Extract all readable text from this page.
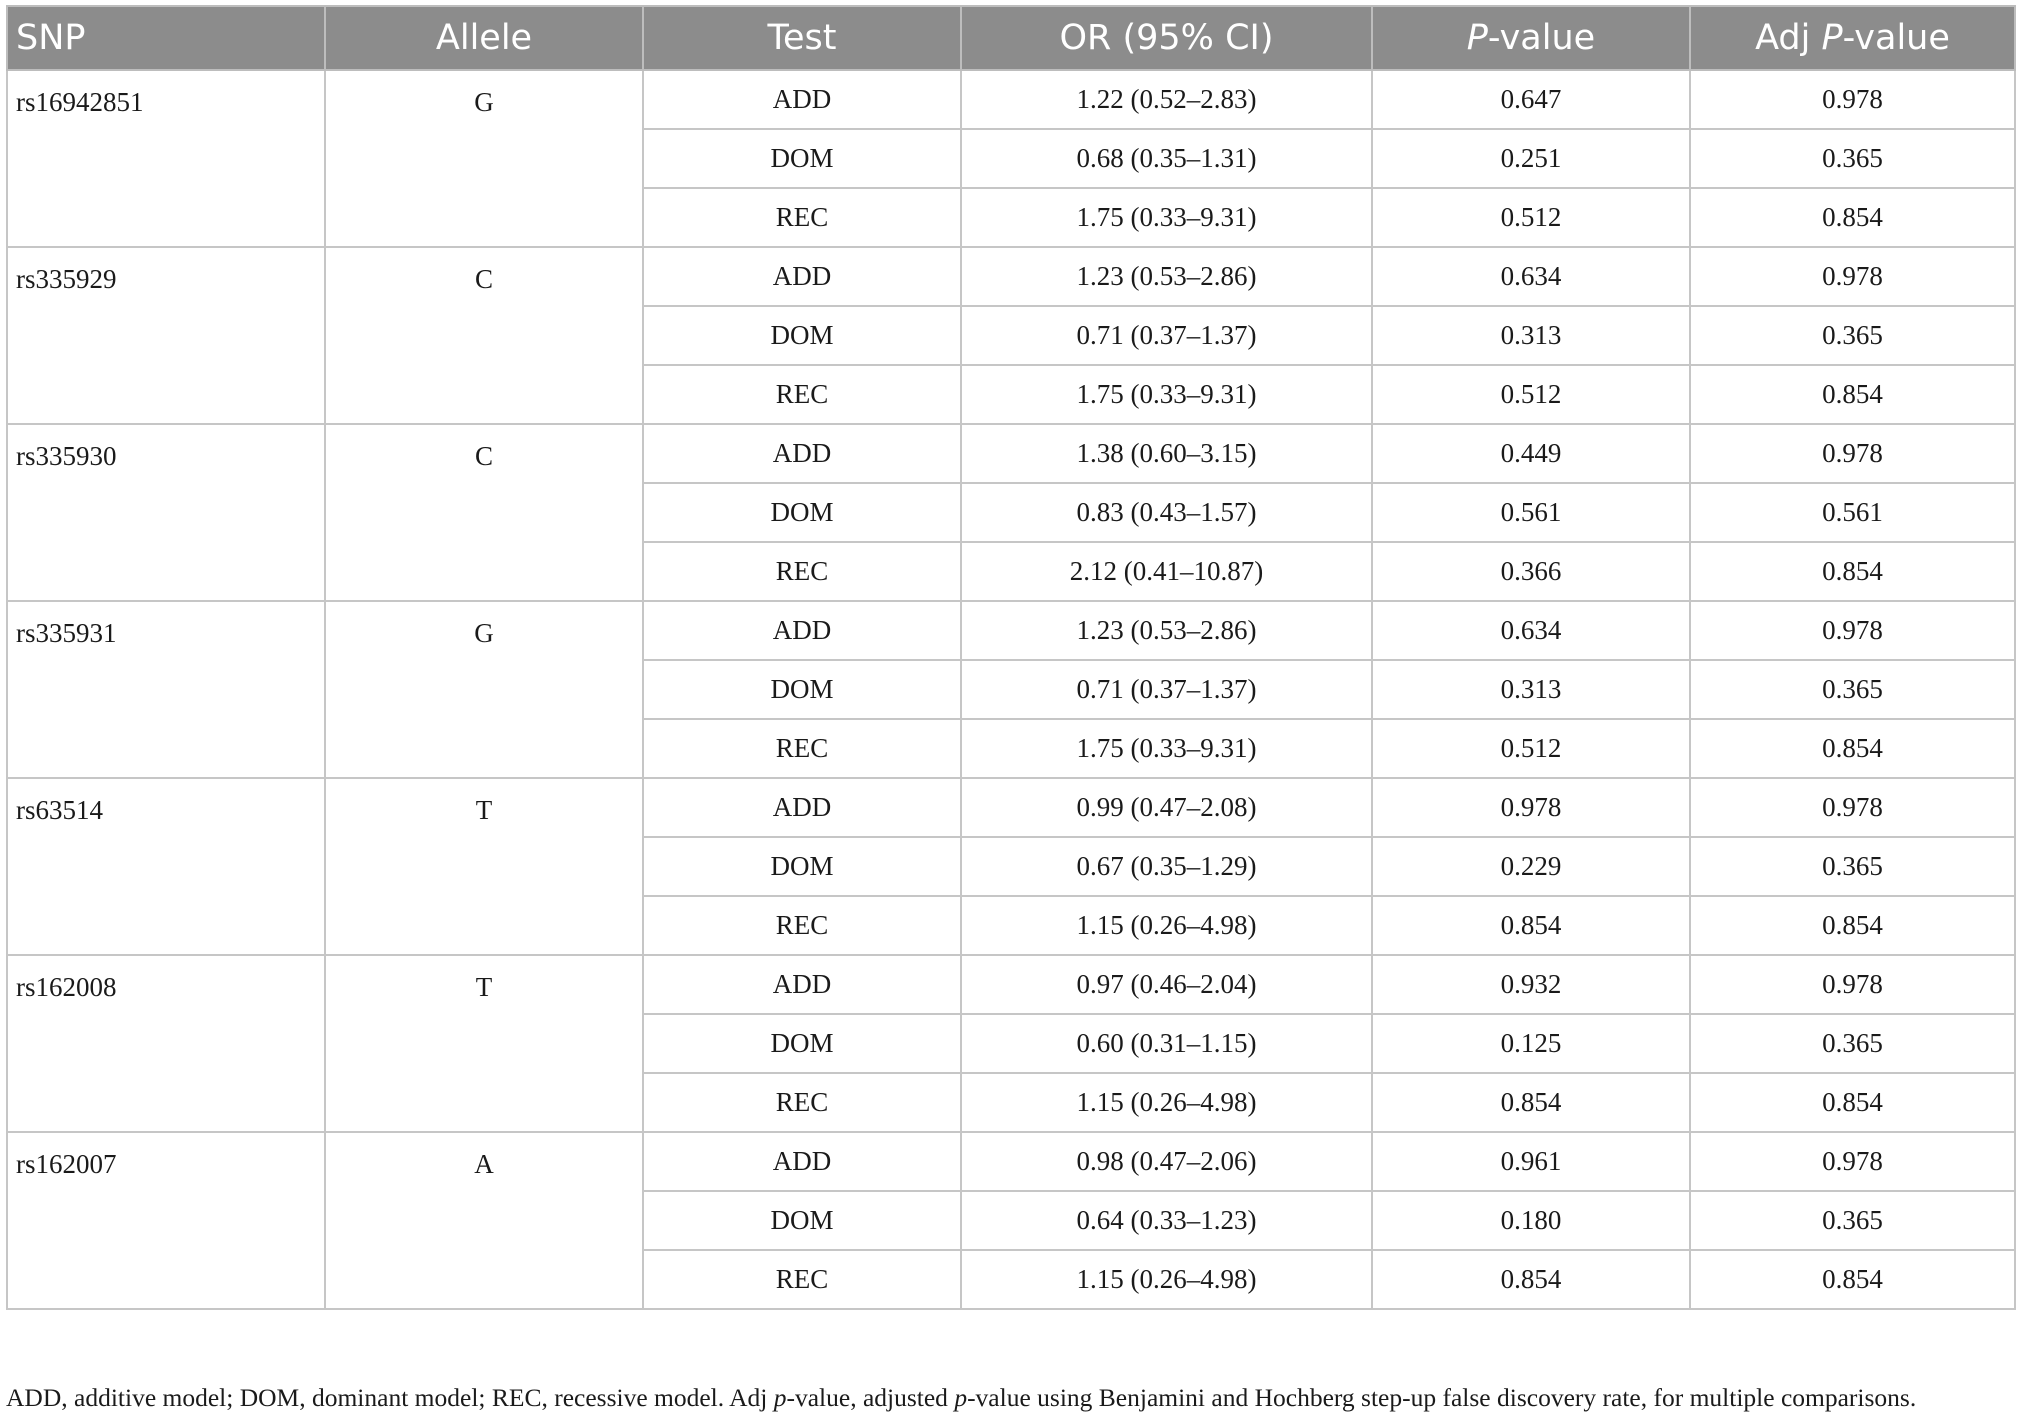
SNP	Allele	Test	OR (95% CI)	P-value	Adj P-value
rs16942851	G	ADD	1.22 (0.52–2.83)	0.647	0.978
		DOM	0.68 (0.35–1.31)	0.251	0.365
		REC	1.75 (0.33–9.31)	0.512	0.854
rs335929	C	ADD	1.23 (0.53–2.86)	0.634	0.978
		DOM	0.71 (0.37–1.37)	0.313	0.365
		REC	1.75 (0.33–9.31)	0.512	0.854
rs335930	C	ADD	1.38 (0.60–3.15)	0.449	0.978
		DOM	0.83 (0.43–1.57)	0.561	0.561
		REC	2.12 (0.41–10.87)	0.366	0.854
rs335931	G	ADD	1.23 (0.53–2.86)	0.634	0.978
		DOM	0.71 (0.37–1.37)	0.313	0.365
		REC	1.75 (0.33–9.31)	0.512	0.854
rs63514	T	ADD	0.99 (0.47–2.08)	0.978	0.978
		DOM	0.67 (0.35–1.29)	0.229	0.365
		REC	1.15 (0.26–4.98)	0.854	0.854
rs162008	T	ADD	0.97 (0.46–2.04)	0.932	0.978
		DOM	0.60 (0.31–1.15)	0.125	0.365
		REC	1.15 (0.26–4.98)	0.854	0.854
rs162007	A	ADD	0.98 (0.47–2.06)	0.961	0.978
		DOM	0.64 (0.33–1.23)	0.180	0.365
		REC	1.15 (0.26–4.98)	0.854	0.854
ADD, additive model; DOM, dominant model; REC, recessive model. Adj p-value, adjusted p-value using Benjamini and Hochberg step-up false discovery rate, for multiple comparisons.
